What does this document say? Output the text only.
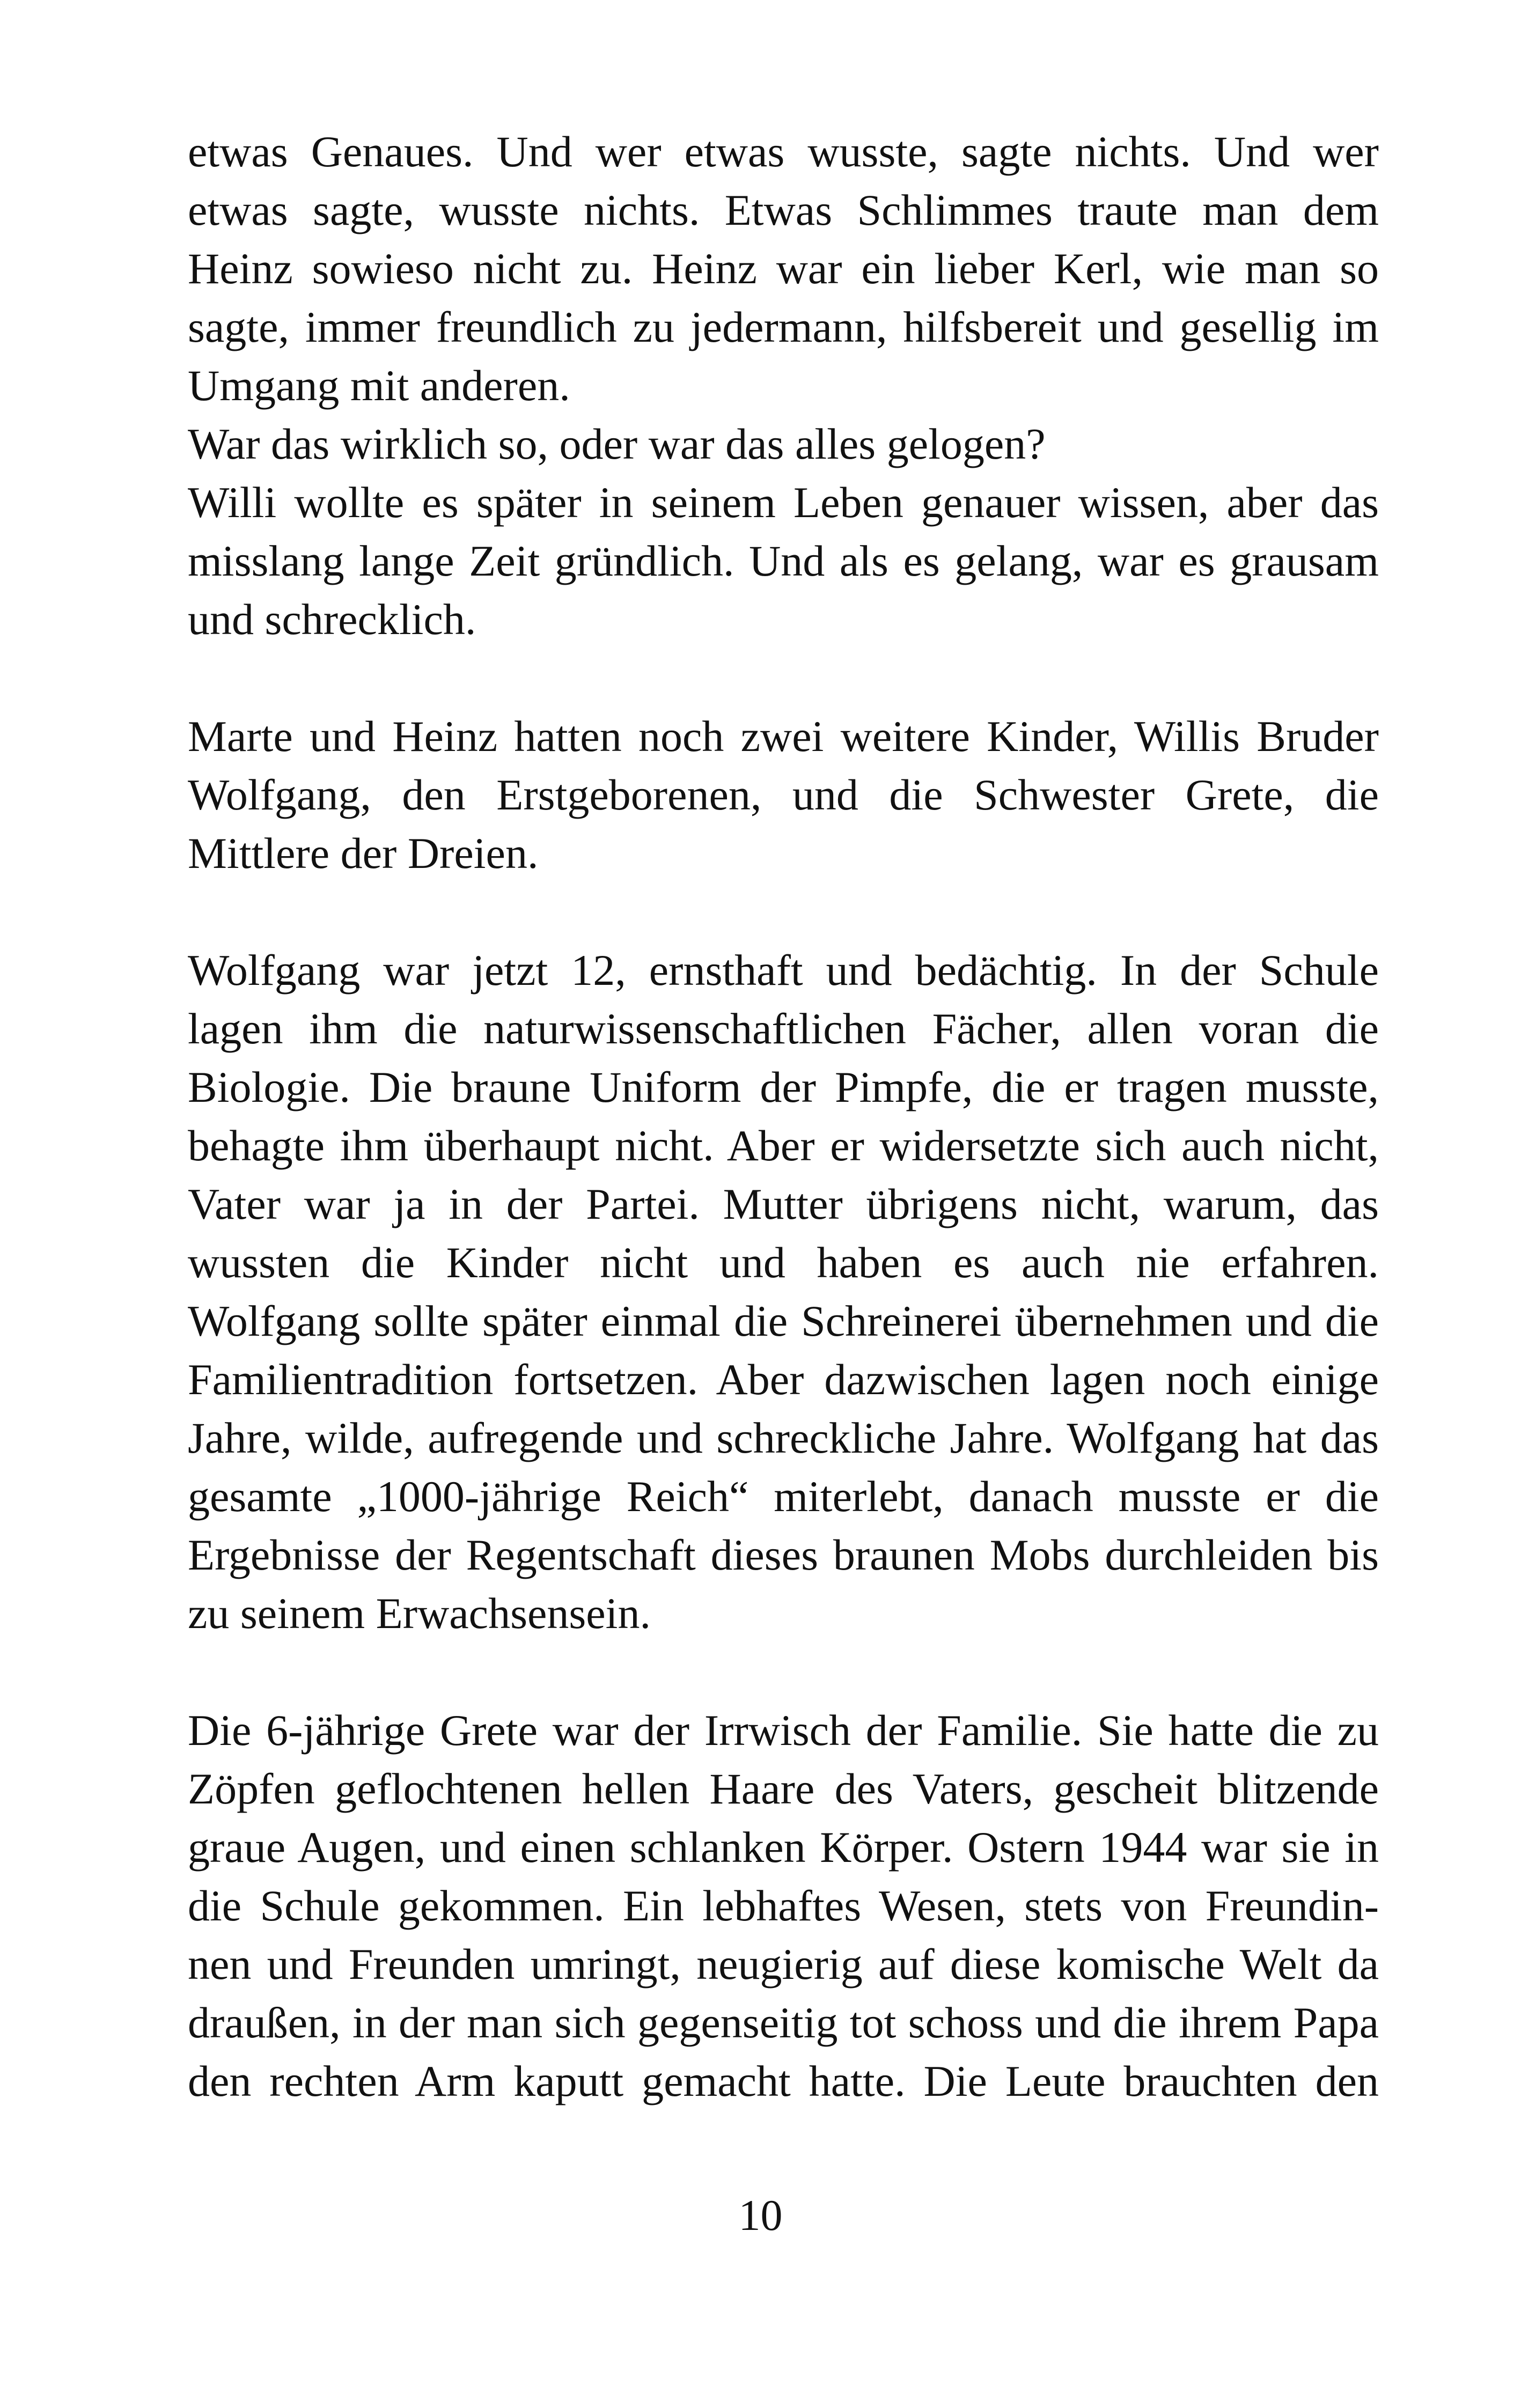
etwas Genaues. Und wer etwas wusste, sagte nichts. Und wer
etwas sagte, wusste nichts. Etwas Schlimmes traute man dem
Heinz sowieso nicht zu. Heinz war ein lieber Kerl, wie man so
sagte, immer freundlich zu jedermann, hilfsbereit und gesellig im
Umgang mit anderen.
War das wirklich so, oder war das alles gelogen?
Willi wollte es später in seinem Leben genauer wissen, aber das
misslang lange Zeit gründlich. Und als es gelang, war es grausam
und schrecklich.
Marte und Heinz hatten noch zwei weitere Kinder, Willis Bruder
Wolfgang, den Erstgeborenen, und die Schwester Grete, die
Mittlere der Dreien.
Wolfgang war jetzt 12, ernsthaft und bedächtig. In der Schule
lagen ihm die naturwissenschaftlichen Fächer, allen voran die
Biologie. Die braune Uniform der Pimpfe, die er tragen musste,
behagte ihm überhaupt nicht. Aber er widersetzte sich auch nicht,
Vater war ja in der Partei. Mutter übrigens nicht, warum, das
wussten die Kinder nicht und haben es auch nie erfahren.
Wolfgang sollte später einmal die Schreinerei übernehmen und die
Familientradition fortsetzen. Aber dazwischen lagen noch einige
Jahre, wilde, aufregende und schreckliche Jahre. Wolfgang hat das
gesamte „1000-jährige Reich“ miterlebt, danach musste er die
Ergebnisse der Regentschaft dieses braunen Mobs durchleiden bis
zu seinem Erwachsensein.
Die 6-jährige Grete war der Irrwisch der Familie. Sie hatte die zu
Zöpfen geflochtenen hellen Haare des Vaters, gescheit blitzende
graue Augen, und einen schlanken Körper. Ostern 1944 war sie in
die Schule gekommen. Ein lebhaftes Wesen, stets von Freundin-
nen und Freunden umringt, neugierig auf diese komische Welt da
draußen, in der man sich gegenseitig tot schoss und die ihrem Papa
den rechten Arm kaputt gemacht hatte. Die Leute brauchten den
10
